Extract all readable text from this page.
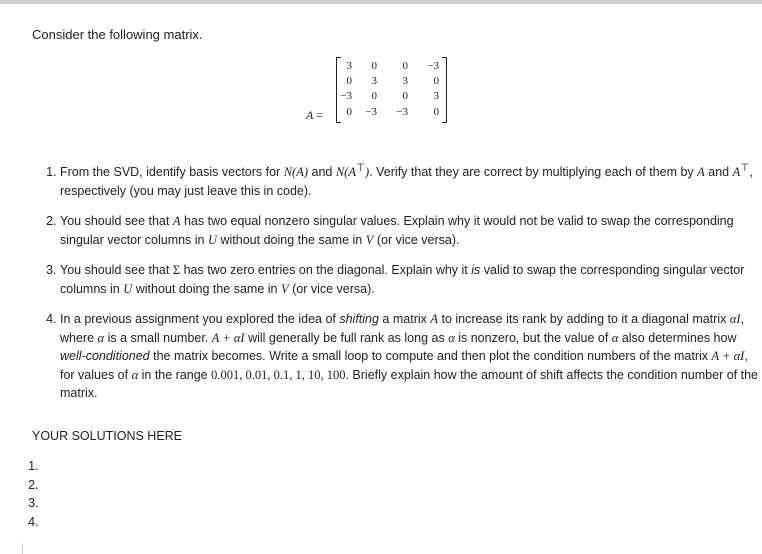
Consider the following matrix.
A =
3	0	0	−3
0	3	3	0
−3	0	0	3
0	−3	−3	0
1. From the SVD, identify basis vectors for N(A) and N(A⊤). Verify that they are correct by multiplying each of them by A and A⊤, respectively (you may just leave this in code).
2. You should see that A has two equal nonzero singular values. Explain why it would not be valid to swap the corresponding singular vector columns in U without doing the same in V (or vice versa).
3. You should see that Σ has two zero entries on the diagonal. Explain why it is valid to swap the corresponding singular vector columns in U without doing the same in V (or vice versa).
4. In a previous assignment you explored the idea of shifting a matrix A to increase its rank by adding to it a diagonal matrix αI, where α is a small number. A + αI will generally be full rank as long as α is nonzero, but the value of α also determines how well-conditioned the matrix becomes. Write a small loop to compute and then plot the condition numbers of the matrix A + αI, for values of α in the range 0.001, 0.01, 0.1, 1, 10, 100. Briefly explain how the amount of shift affects the condition number of the matrix.
YOUR SOLUTIONS HERE
